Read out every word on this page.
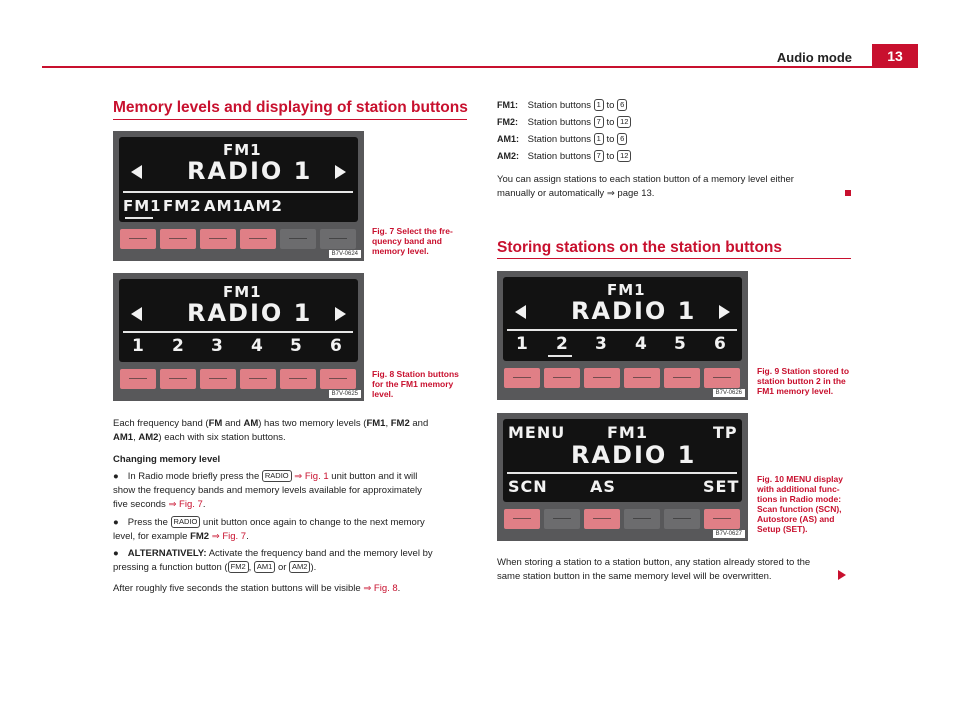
Audio mode	13
Memory levels and displaying of station buttons
FM1
RADIO 1
FM1 FM2 AM1 AM2
B7V-0624
Fig. 7 Select the fre- quency band and memory level.
FM1
RADIO 1
1 2 3 4 5 6
B7V-0625
Fig. 8 Station buttons for the FM1 memory level.
Each frequency band (FM and AM) has two memory levels (FM1, FM2 and
AM1, AM2) each with six station buttons.
Changing memory level
● In Radio mode briefly press the RADIO ⇒ Fig. 1 unit button and it will
show the frequency bands and memory levels available for approximately
five seconds ⇒ Fig. 7.
● Press the RADIO unit button once again to change to the next memory
level, for example FM2 ⇒ Fig. 7.
● ALTERNATIVELY: Activate the frequency band and the memory level by
pressing a function button ( FM2 , AM1 or AM2 ).
After roughly five seconds the station buttons will be visible ⇒ Fig. 8.
FM1: Station buttons 1 to 6
FM2: Station buttons 7 to 12
AM1: Station buttons 1 to 6
AM2: Station buttons 7 to 12
You can assign stations to each station button of a memory level either
manually or automatically ⇒ page 13.
Storing stations on the station buttons
FM1
RADIO 1
1 2 3 4 5 6
B7V-0626
Fig. 9 Station stored to station button 2 in the FM1 memory level.
MENU	FM1	TP
RADIO 1
SCN	AS	SET
B7V-0627
Fig. 10 MENU display with additional func- tions in Radio mode: Scan function (SCN), Autostore (AS) and Setup (SET).
When storing a station to a station button, any station already stored to the
same station button in the same memory level will be overwritten.
